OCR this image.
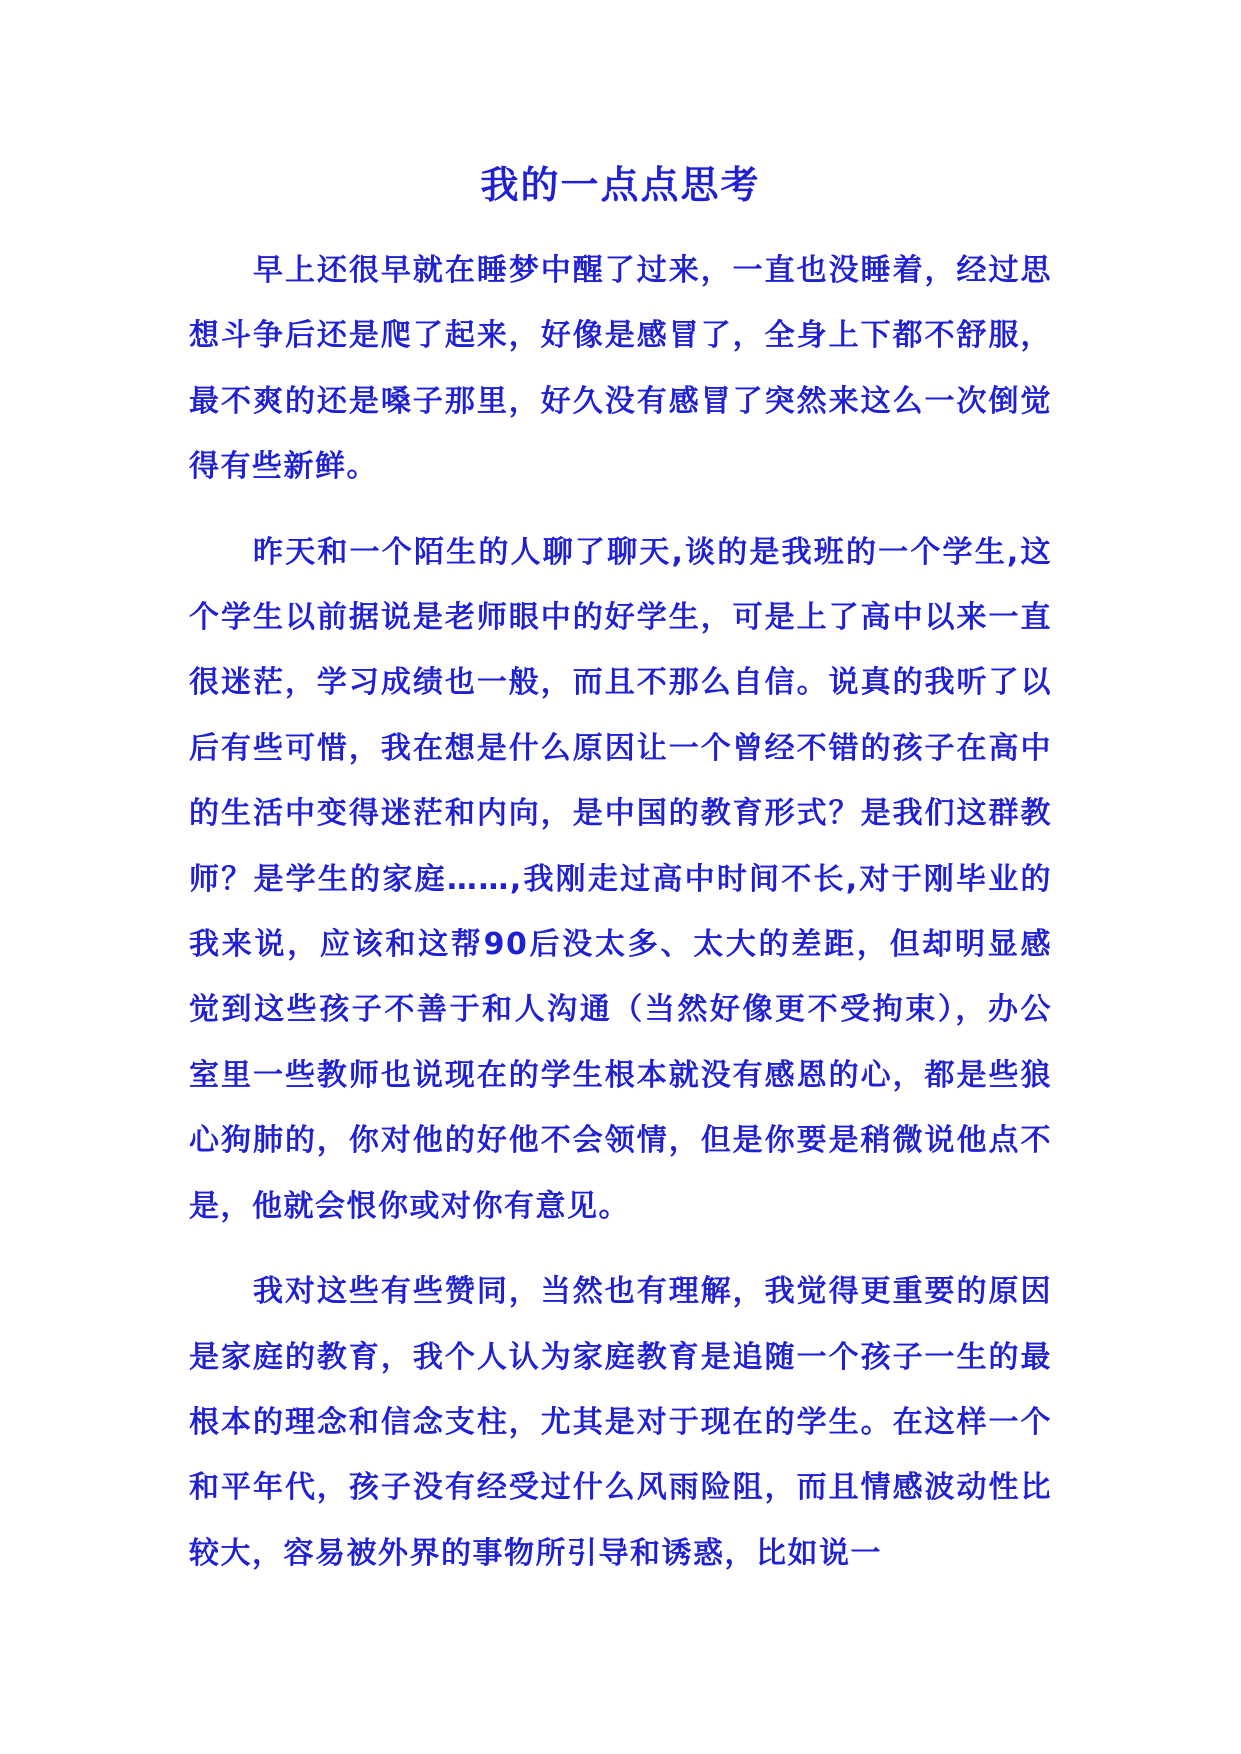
我的一点点思考

早上还很早就在睡梦中醒了过来，一直也没睡着，经过思想斗争后还是爬了起来，好像是感冒了，全身上下都不舒服，最不爽的还是嗓子那里，好久没有感冒了突然来这么一次倒觉得有些新鲜。

昨天和一个陌生的人聊了聊天,谈的是我班的一个学生,这个学生以前据说是老师眼中的好学生，可是上了高中以来一直很迷茫，学习成绩也一般，而且不那么自信。说真的我听了以后有些可惜，我在想是什么原因让一个曾经不错的孩子在高中的生活中变得迷茫和内向，是中国的教育形式？是我们这群教师？是学生的家庭……,我刚走过高中时间不长,对于刚毕业的我来说，应该和这帮90后没太多、太大的差距，但却明显感觉到这些孩子不善于和人沟通（当然好像更不受拘束），办公室里一些教师也说现在的学生根本就没有感恩的心，都是些狼心狗肺的，你对他的好他不会领情，但是你要是稍微说他点不是，他就会恨你或对你有意见。

我对这些有些赞同，当然也有理解，我觉得更重要的原因是家庭的教育，我个人认为家庭教育是追随一个孩子一生的最根本的理念和信念支柱，尤其是对于现在的学生。在这样一个和平年代，孩子没有经受过什么风雨险阻，而且情感波动性比较大，容易被外界的事物所引导和诱惑，比如说一
